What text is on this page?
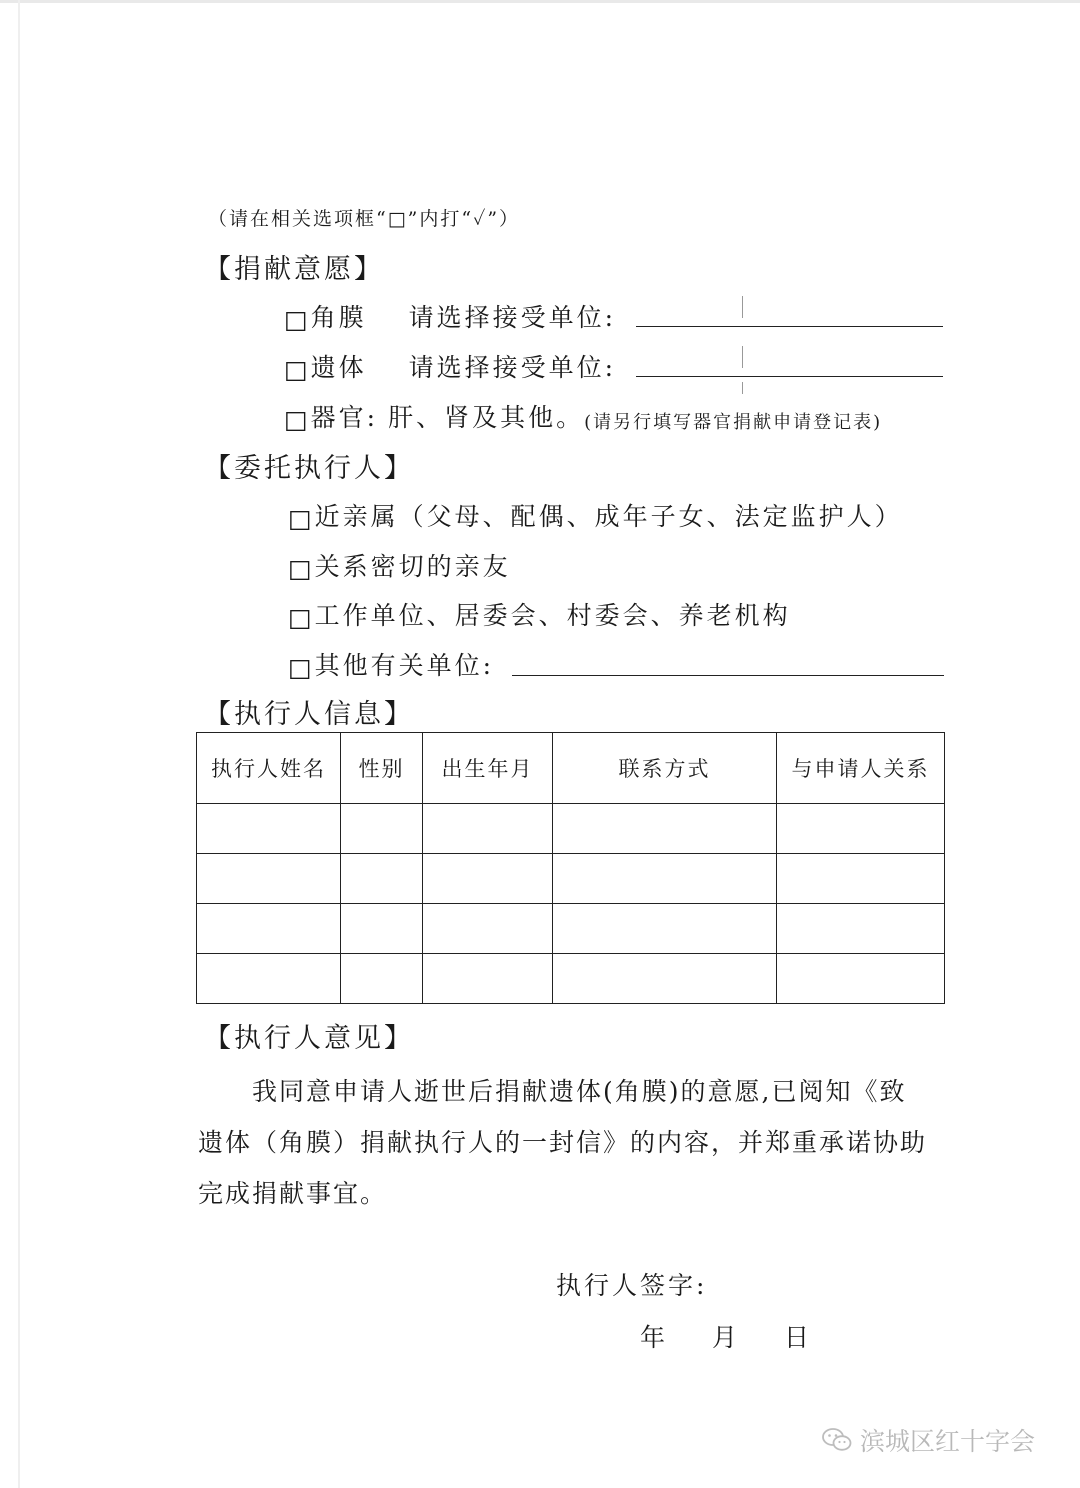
（请在相关选项框“□”内打“✓”）
【捐献意愿】
□ 角膜 请选择接受单位:
□ 遗体 请选择接受单位:
□ 器官: 肝、肾及其他。 (请另行填写器官捐献申请登记表)
【委托执行人】
□ 近亲属（父母、配偶、成年子女、法定监护人）
□ 关系密切的亲友
□ 工作单位、居委会、村委会、养老机构
□ 其他有关单位:
【执行人信息】
执行人姓名	性别	出生年月	联系方式	与申请人关系

【执行人意见】

我同意申请人逝世后捐献遗体(角膜)的意愿,已阅知《致

遗体（角膜）捐献执行人的一封信》的内容，并郑重承诺协助

完成捐献事宜。

执行人签字:
年 月 日
滨城区红十字会
